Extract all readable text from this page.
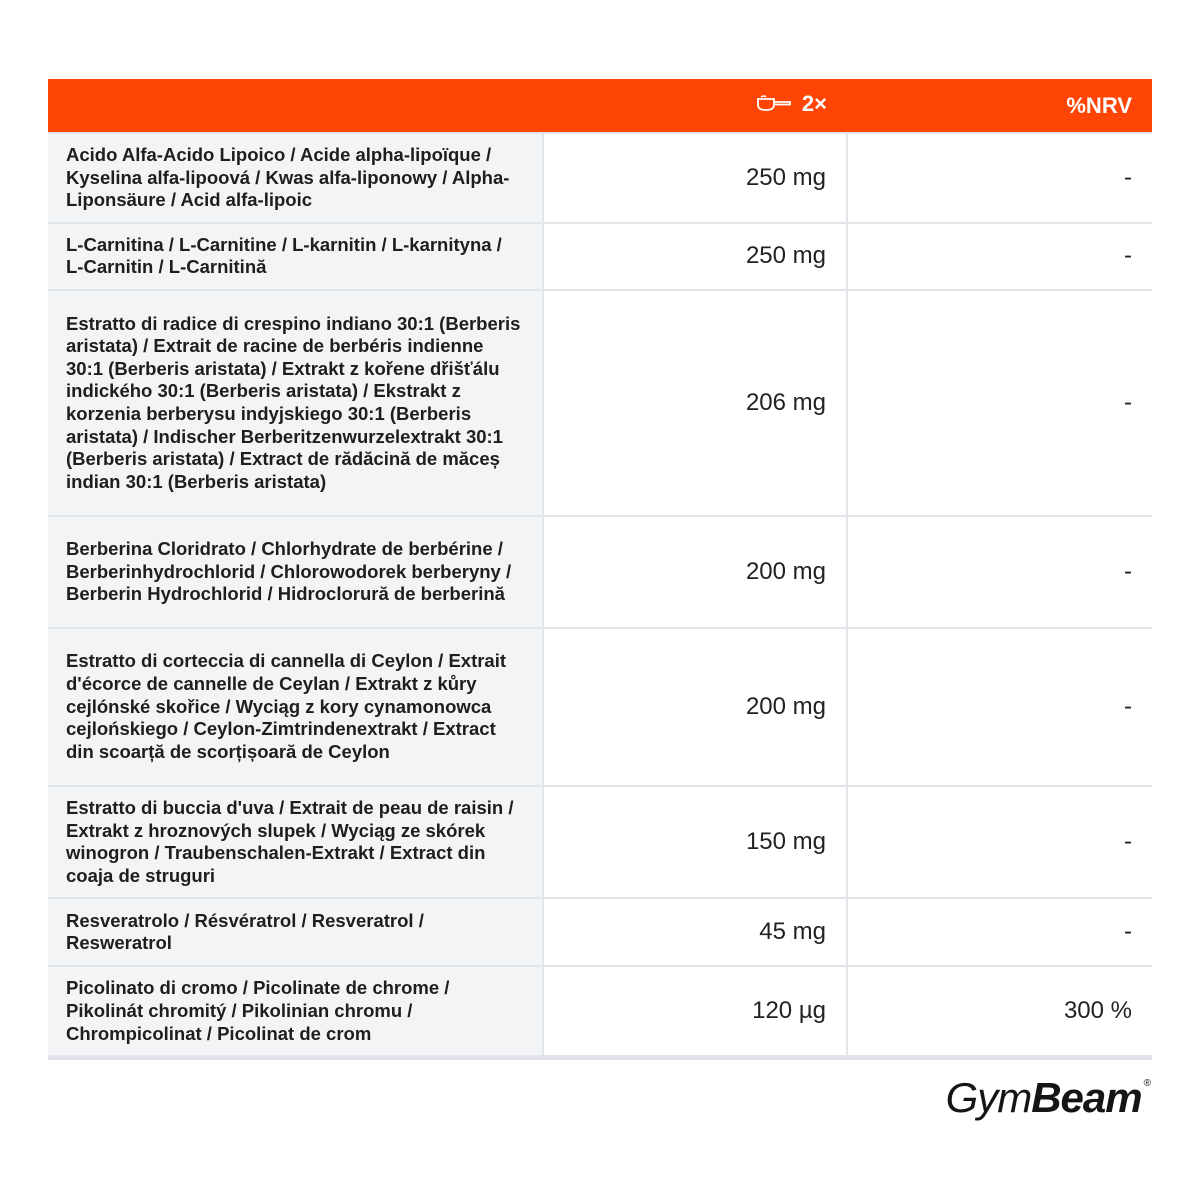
	2×	%NRV
Acido Alfa-Acido Lipoico / Acide alpha-lipoïque / Kyselina alfa-lipoová / Kwas alfa-liponowy / Alpha-Liponsäure / Acid alfa-lipoic	250 mg	-
L-Carnitina / L-Carnitine / L-karnitin / L-karnityna / L-Carnitin / L-Carnitină	250 mg	-
Estratto di radice di crespino indiano 30:1 (Berberis aristata) / Extrait de racine de berbéris indienne 30:1 (Berberis aristata) / Extrakt z kořene dřišťálu indického 30:1 (Berberis aristata) / Ekstrakt z korzenia berberysu indyjskiego 30:1 (Berberis aristata) / Indischer Berberitzenwurzelextrakt 30:1 (Berberis aristata) / Extract de rădăcină de măceș indian 30:1 (Berberis aristata)	206 mg	-
Berberina Cloridrato / Chlorhydrate de berbérine / Berberinhydrochlorid / Chlorowodorek berberyny / Berberin Hydrochlorid / Hidroclorură de berberină	200 mg	-
Estratto di corteccia di cannella di Ceylon / Extrait d'écorce de cannelle de Ceylan / Extrakt z kůry cejlónské skořice / Wyciąg z kory cynamonowca cejlońskiego / Ceylon-Zimtrindenextrakt / Extract din scoarță de scorțișoară de Ceylon	200 mg	-
Estratto di buccia d'uva / Extrait de peau de raisin / Extrakt z hroznových slupek / Wyciąg ze skórek winogron / Traubenschalen-Extrakt / Extract din coaja de struguri	150 mg	-
Resveratrolo / Résvératrol / Resveratrol / Resweratrol	45 mg	-
Picolinato di cromo / Picolinate de chrome / Pikolinát chromitý / Pikolinian chromu / Chrompicolinat / Picolinat de crom	120 µg	300 %
Gym Beam ®
